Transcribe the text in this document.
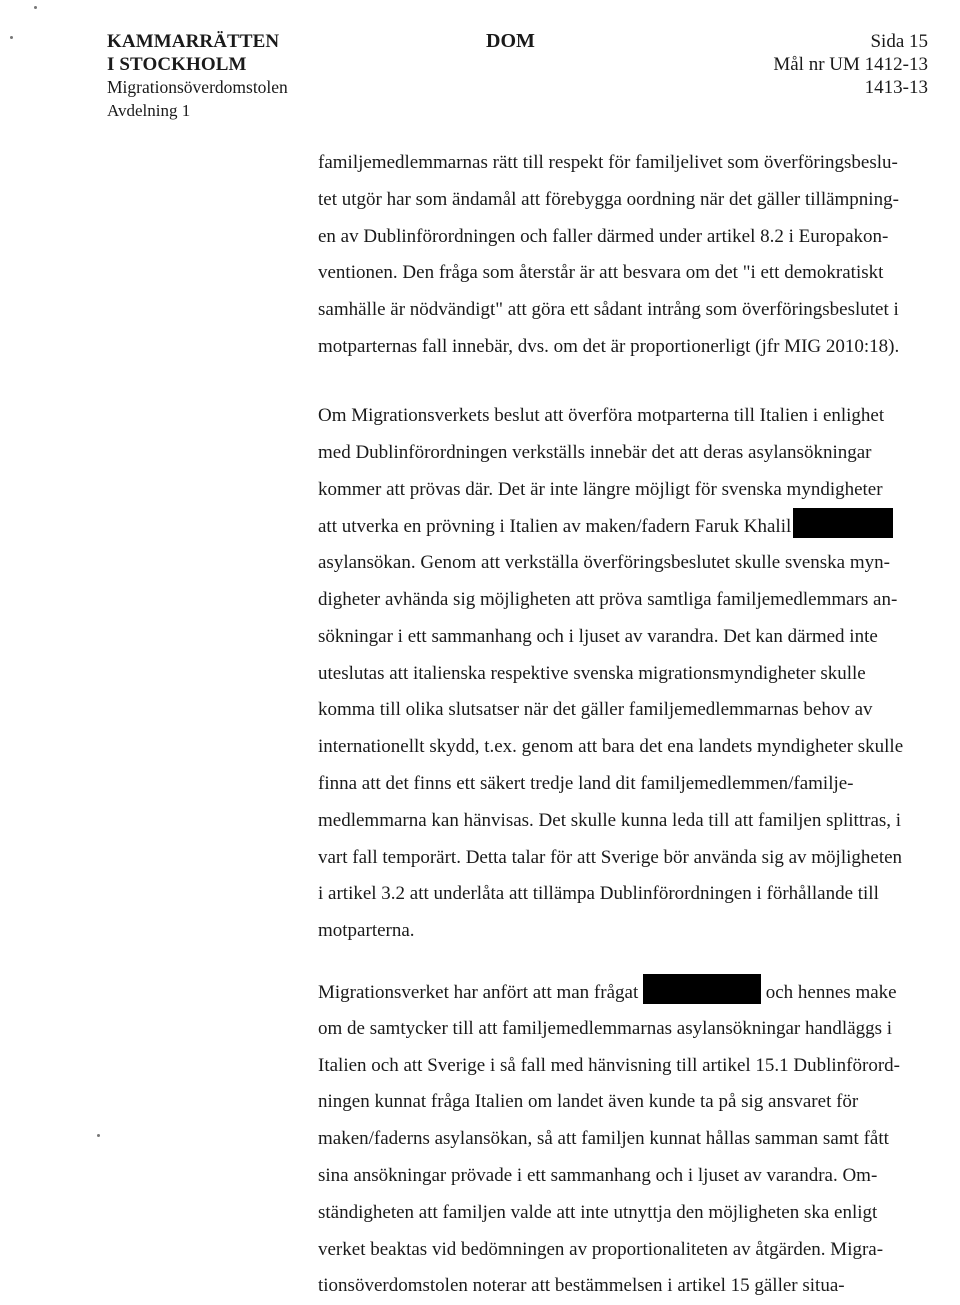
KAMMARRÄTTEN
I STOCKHOLM
Migrationsöverdomstolen
Avdelning 1
DOM	Sida 15
Mål nr UM 1412-13
1413-13
familjemedlemmarnas rätt till respekt för familjelivet som överföringsbeslu-
tet utgör har som ändamål att förebygga oordning när det gäller tillämpning-
en av Dublinförordningen och faller därmed under artikel 8.2 i Europakon-
ventionen. Den fråga som återstår är att besvara om det "i ett demokratiskt
samhälle är nödvändigt" att göra ett sådant intrång som överföringsbeslutet i
motparternas fall innebär, dvs. om det är proportionerligt (jfr MIG 2010:18).
Om Migrationsverkets beslut att överföra motparterna till Italien i enlighet
med Dublinförordningen verkställs innebär det att deras asylansökningar
kommer att prövas där. Det är inte längre möjligt för svenska myndigheter
att utverka en prövning i Italien av maken/fadern Faruk Khalil
asylansökan. Genom att verkställa överföringsbeslutet skulle svenska myn-
digheter avhända sig möjligheten att pröva samtliga familjemedlemmars an-
sökningar i ett sammanhang och i ljuset av varandra. Det kan därmed inte
uteslutas att italienska respektive svenska migrationsmyndigheter skulle
komma till olika slutsatser när det gäller familjemedlemmarnas behov av
internationellt skydd, t.ex. genom att bara det ena landets myndigheter skulle
finna att det finns ett säkert tredje land dit familjemedlemmen/familje-
medlemmarna kan hänvisas. Det skulle kunna leda till att familjen splittras, i
vart fall temporärt. Detta talar för att Sverige bör använda sig av möjligheten
i artikel 3.2 att underlåta att tillämpa Dublinförordningen i förhållande till
motparterna.
Migrationsverket har anfört att man frågat	och hennes make
om de samtycker till att familjemedlemmarnas asylansökningar handläggs i
Italien och att Sverige i så fall med hänvisning till artikel 15.1 Dublinförord-
ningen kunnat fråga Italien om landet även kunde ta på sig ansvaret för
maken/faderns asylansökan, så att familjen kunnat hållas samman samt fått
sina ansökningar prövade i ett sammanhang och i ljuset av varandra. Om-
ständigheten att familjen valde att inte utnyttja den möjligheten ska enligt
verket beaktas vid bedömningen av proportionaliteten av åtgärden. Migra-
tionsöverdomstolen noterar att bestämmelsen i artikel 15 gäller situa-
